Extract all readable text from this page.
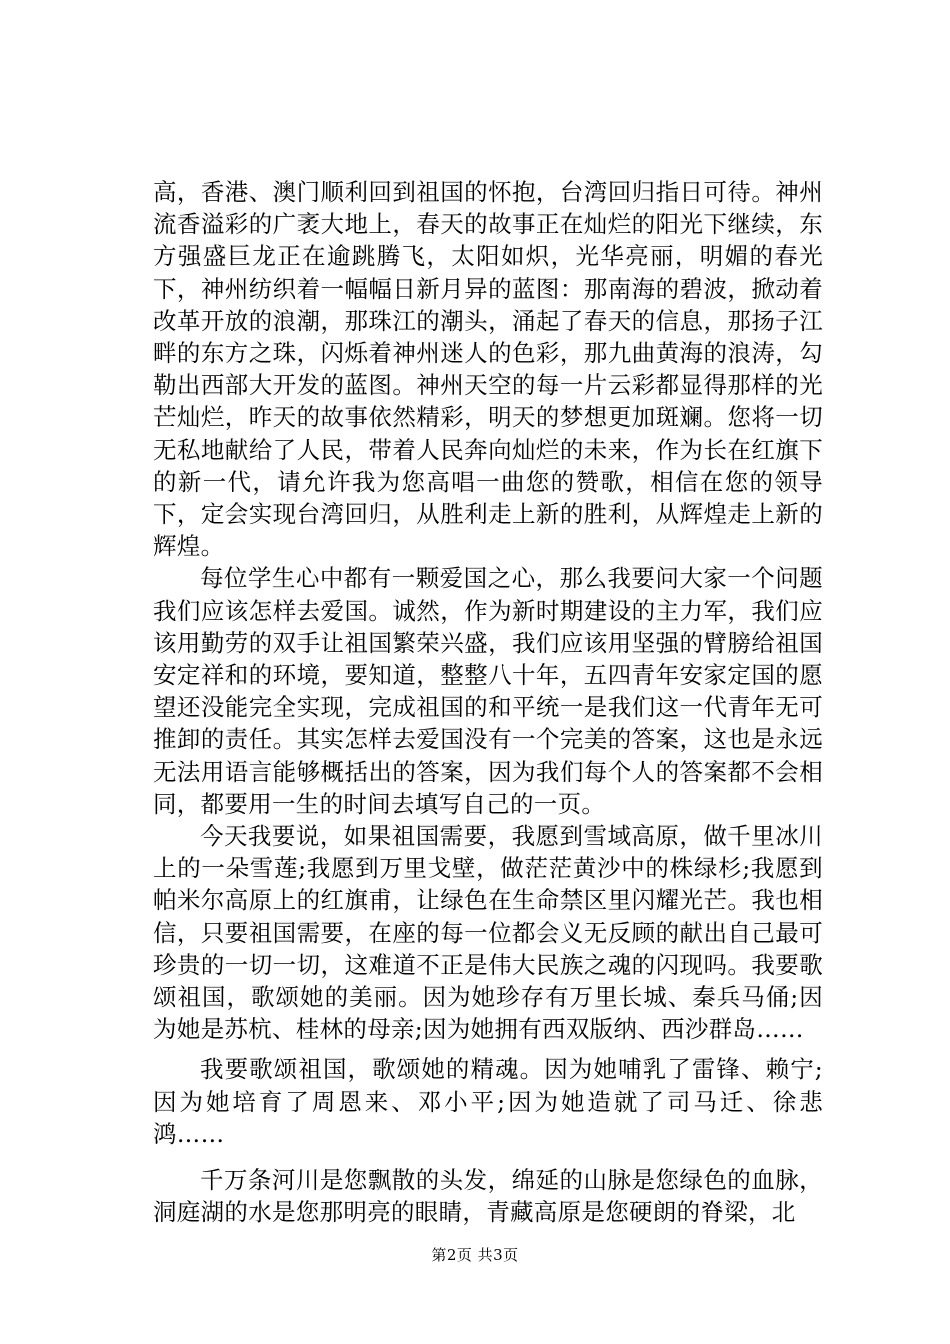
高，香港、澳门顺利回到祖国的怀抱，台湾回归指日可待。神州流香溢彩的广袤大地上，春天的故事正在灿烂的阳光下继续，东方强盛巨龙正在逾跳腾飞，太阳如炽，光华亮丽，明媚的春光下，神州纺织着一幅幅日新月异的蓝图：那南海的碧波，掀动着改革开放的浪潮，那珠江的潮头，涌起了春天的信息，那扬子江畔的东方之珠，闪烁着神州迷人的色彩，那九曲黄海的浪涛，勾勒出西部大开发的蓝图。神州天空的每一片云彩都显得那样的光芒灿烂，昨天的故事依然精彩，明天的梦想更加斑斓。您将一切无私地献给了人民，带着人民奔向灿烂的未来，作为长在红旗下的新一代，请允许我为您高唱一曲您的赞歌，相信在您的领导下，定会实现台湾回归，从胜利走上新的胜利，从辉煌走上新的辉煌。

每位学生心中都有一颗爱国之心，那么我要问大家一个问题我们应该怎样去爱国。诚然，作为新时期建设的主力军，我们应该用勤劳的双手让祖国繁荣兴盛，我们应该用坚强的臂膀给祖国安定祥和的环境，要知道，整整八十年，五四青年安家定国的愿望还没能完全实现，完成祖国的和平统一是我们这一代青年无可推卸的责任。其实怎样去爱国没有一个完美的答案，这也是永远无法用语言能够概括出的答案，因为我们每个人的答案都不会相同，都要用一生的时间去填写自己的一页。

今天我要说，如果祖国需要，我愿到雪域高原，做千里冰川上的一朵雪莲;我愿到万里戈壁，做茫茫黄沙中的株绿杉;我愿到帕米尔高原上的红旗甫，让绿色在生命禁区里闪耀光芒。我也相信，只要祖国需要，在座的每一位都会义无反顾的献出自己最可珍贵的一切一切，这难道不正是伟大民族之魂的闪现吗。我要歌颂祖国，歌颂她的美丽。因为她珍存有万里长城、秦兵马俑;因为她是苏杭、桂林的母亲;因为她拥有西双版纳、西沙群岛……

我要歌颂祖国，歌颂她的精魂。因为她哺乳了雷锋、赖宁;因为她培育了周恩来、邓小平;因为她造就了司马迁、徐悲鸿……

千万条河川是您飘散的头发，绵延的山脉是您绿色的血脉，洞庭湖的水是您那明亮的眼睛，青藏高原是您硬朗的脊梁，北

第2页 共3页
